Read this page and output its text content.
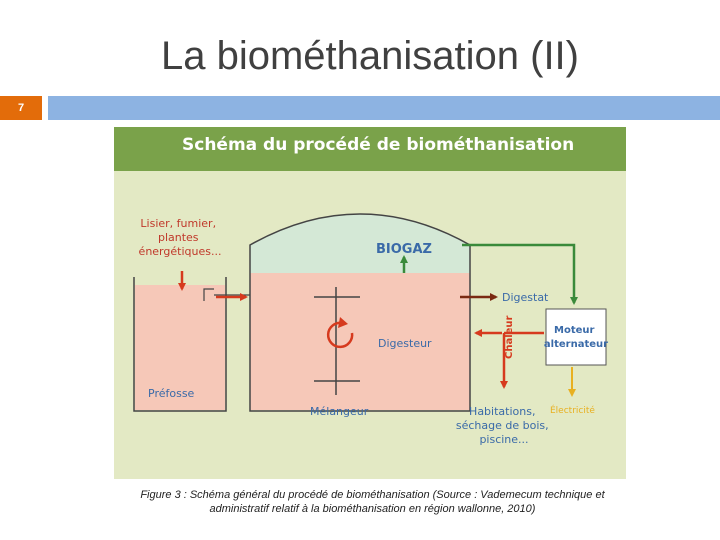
La biométhanisation (II)
7
Schéma du procédé de biométhanisation
Lisier, fumier, plantes énergétiques...	BIOGAZ
Digestat
Digesteur
Préfosse
Mélangeur
Moteur alternateur
Chaleur
Électricité
Habitations, séchage de bois, piscine...
Figure 3 : Schéma général du procédé de biométhanisation (Source : Vademecum technique et
administratif relatif à la biométhanisation en région wallonne, 2010)
